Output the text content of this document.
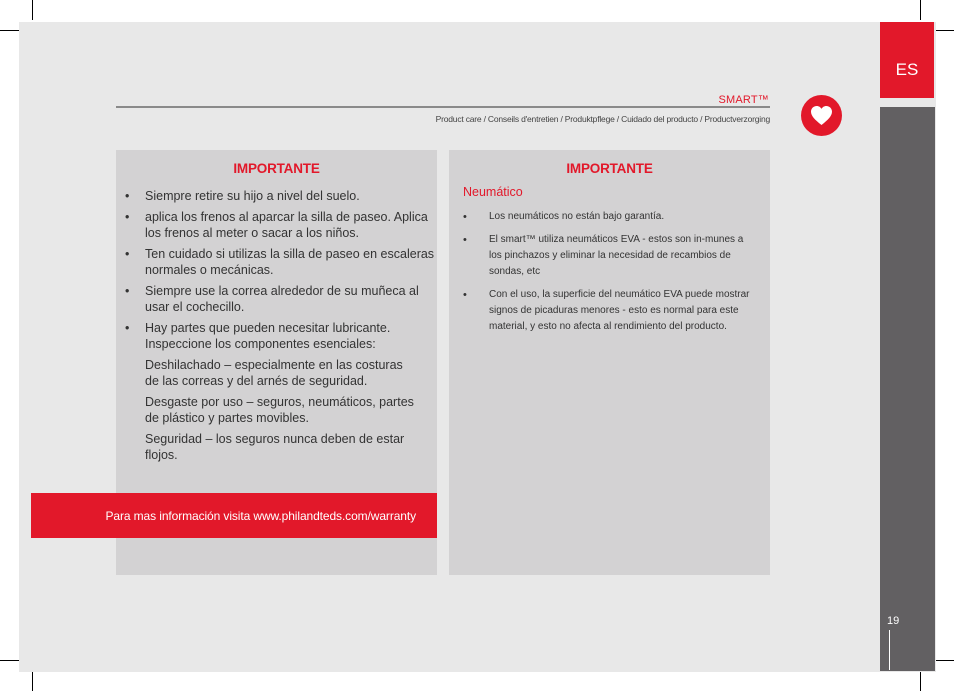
ES
19
SMART™
Product care / Conseils d'entretien / Produktpflege / Cuidado del producto / Productverzorging
IMPORTANTE
• Siempre retire su hijo a nivel del suelo.
• aplica los frenos al aparcar la silla de paseo. Aplica los frenos al meter o sacar a los niños.
• Ten cuidado si utilizas la silla de paseo en escaleras normales o mecánicas.
• Siempre use la correa alrededor de su muñeca al usar el cochecillo.
• Hay partes que pueden necesitar lubricante. Inspeccione los componentes esenciales:
Deshilachado – especialmente en las costuras de las correas y del arnés de seguridad.
Desgaste por uso – seguros, neumáticos, partes de plástico y partes movibles.
Seguridad – los seguros nunca deben de estar flojos.
Para mas información visita www.philandteds.com/warranty
IMPORTANTE
Neumático
• Los neumáticos no están bajo garantía.
• El smart™ utiliza neumáticos EVA - estos son in-munes a los pinchazos y eliminar la necesidad de recambios de sondas, etc
• Con el uso, la superficie del neumático EVA puede mostrar signos de picaduras menores - esto es normal para este material, y esto no afecta al rendimiento del producto.
